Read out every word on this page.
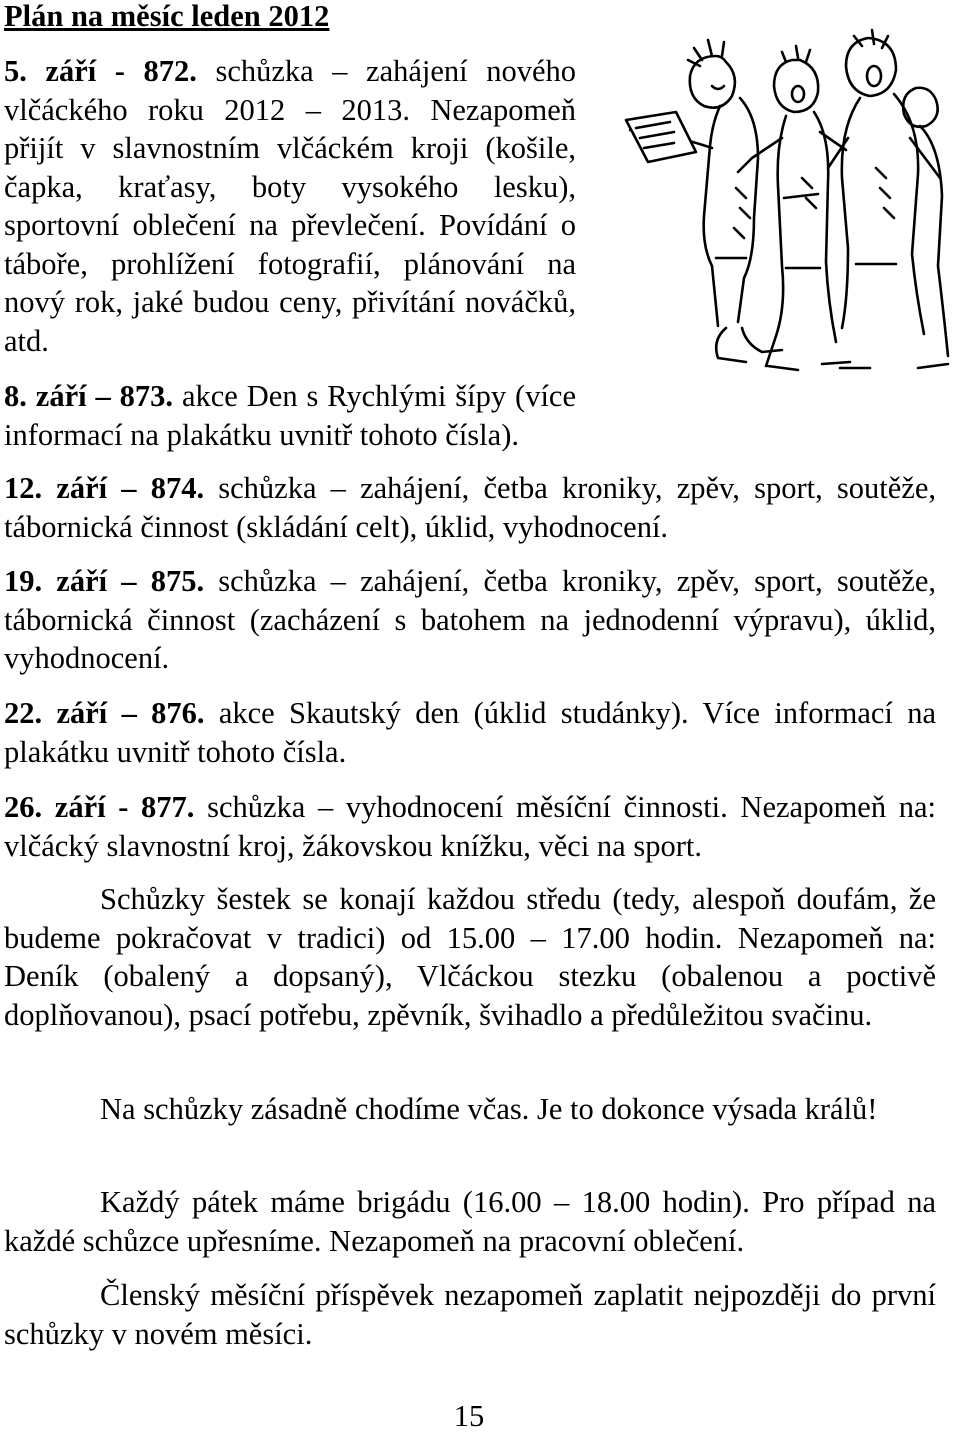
Plán na měsíc leden 2012

5. září - 872. schůzka – zahájení nového vlčáckého roku 2012 – 2013. Nezapomeň přijít v slavnostním vlčáckém kroji (košile, čapka, kraťasy, boty vysokého lesku), sportovní oblečení na převlečení. Povídání o táboře, prohlížení fotografií, plánování na nový rok, jaké budou ceny, přivítání nováčků, atd.

8. září – 873. akce Den s Rychlými šípy (více informací na plakátku uvnitř tohoto čísla).

12. září – 874. schůzka – zahájení, četba kroniky, zpěv, sport, soutěže, tábornická činnost (skládání celt), úklid, vyhodnocení.

19. září – 875. schůzka – zahájení, četba kroniky, zpěv, sport, soutěže, tábornická činnost (zacházení s batohem na jednodenní výpravu), úklid, vyhodnocení.

22. září – 876. akce Skautský den (úklid studánky). Více informací na plakátku uvnitř tohoto čísla.

26. září - 877. schůzka – vyhodnocení měsíční činnosti. Nezapomeň na: vlčácký slavnostní kroj, žákovskou knížku, věci na sport.

Schůzky šestek se konají každou středu (tedy, alespoň doufám, že budeme pokračovat v tradici) od 15.00 – 17.00 hodin. Nezapomeň na: Deník (obalený a dopsaný), Vlčáckou stezku (obalenou a poctivě doplňovanou), psací potřebu, zpěvník, švihadlo a předůležitou svačinu.

Na schůzky zásadně chodíme včas. Je to dokonce výsada králů!

Každý pátek máme brigádu (16.00 – 18.00 hodin). Pro případ na každé schůzce upřesníme. Nezapomeň na pracovní oblečení.

Členský měsíční příspěvek nezapomeň zaplatit nejpozději do první schůzky v novém měsíci.

15
